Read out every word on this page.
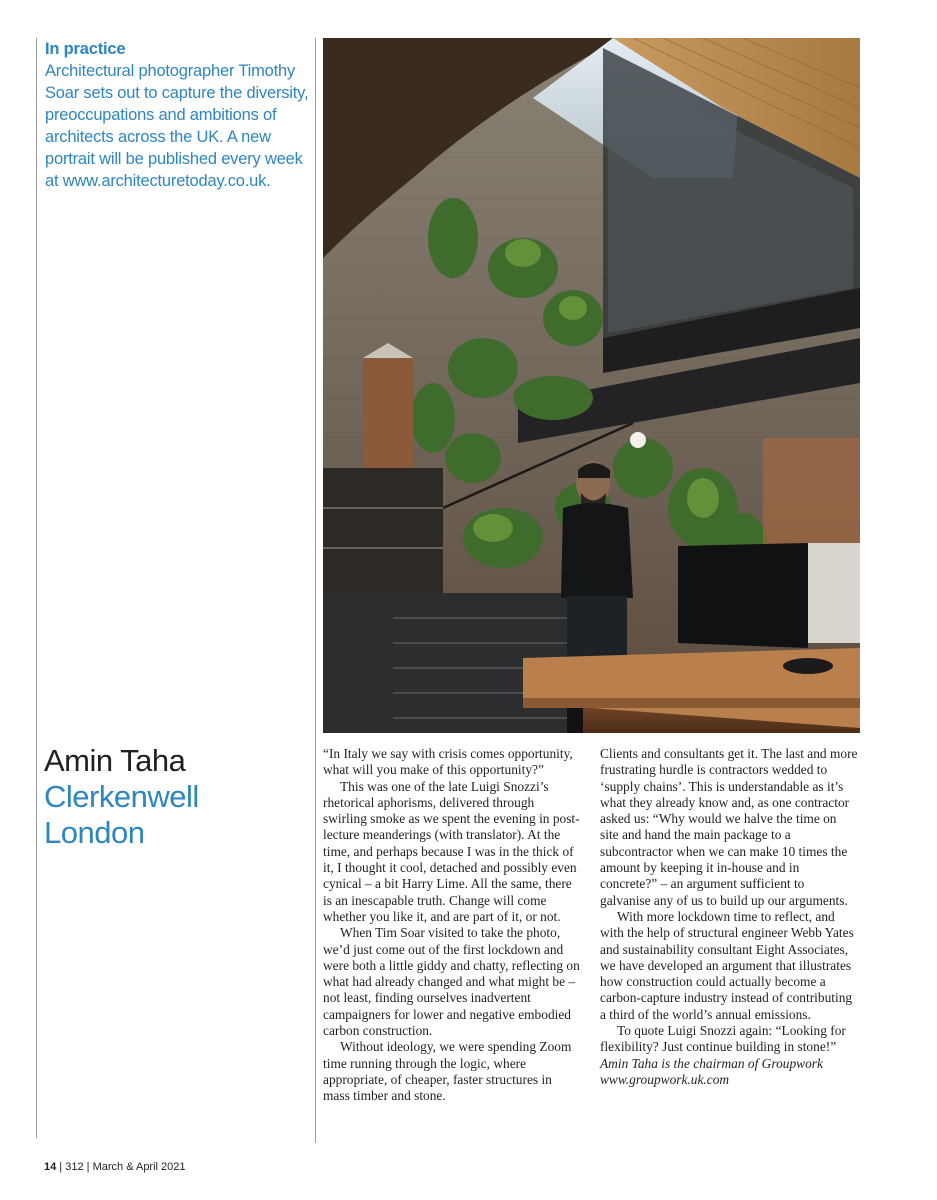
In practice
Architectural photographer Timothy Soar sets out to capture the diversity, preoccupations and ambitions of architects across the UK. A new portrait will be published every week at www.architecturetoday.co.uk.
Amin Taha
Clerkenwell
London

“In Italy we say with crisis comes opportunity, what will you make of this opportunity?”

This was one of the late Luigi Snozzi’s rhetorical aphorisms, delivered through swirling smoke as we spent the evening in post-lecture meanderings (with translator). At the time, and perhaps because I was in the thick of it, I thought it cool, detached and possibly even cynical – a bit Harry Lime. All the same, there is an inescapable truth. Change will come whether you like it, and are part of it, or not.

When Tim Soar visited to take the photo, we’d just come out of the first lockdown and were both a little giddy and chatty, reflecting on what had already changed and what might be – not least, finding ourselves inadvertent campaigners for lower and negative embodied carbon construction.

Without ideology, we were spending Zoom time running through the logic, where appropriate, of cheaper, faster structures in mass timber and stone.

Clients and consultants get it. The last and more frustrating hurdle is contractors wedded to ‘supply chains’. This is understandable as it’s what they already know and, as one contractor asked us: “Why would we halve the time on site and hand the main package to a subcontractor when we can make 10 times the amount by keeping it in-house and in concrete?” – an argument sufficient to galvanise any of us to build up our arguments.

With more lockdown time to reflect, and with the help of structural engineer Webb Yates and sustainability consultant Eight Associates, we have developed an argument that illustrates how construction could actually become a carbon-capture industry instead of contributing a third of the world’s annual emissions.

To quote Luigi Snozzi again: “Looking for flexibility? Just continue building in stone!”

Amin Taha is the chairman of Groupwork

www.groupwork.uk.com
14 | 312 | March & April 2021
